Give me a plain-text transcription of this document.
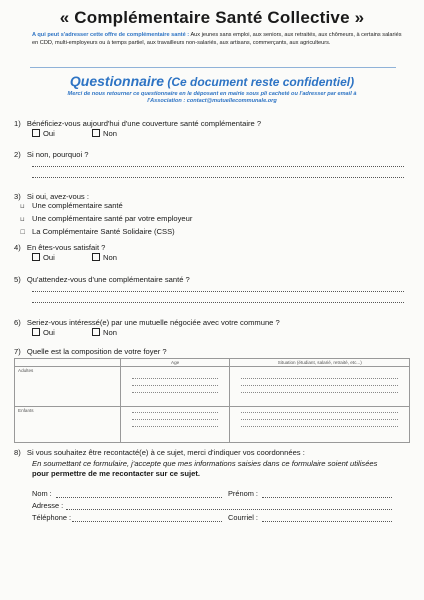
« Complémentaire Santé Collective »
A qui peut s'adresser cette offre de complémentaire santé : Aux jeunes sans emploi, aux seniors, aux retraités, aux chômeurs, à certains salariés en CDD, multi-employeurs ou à temps partiel, aux travailleurs non-salariés, aux artisans, commerçants, aux agriculteurs.
Questionnaire (Ce document reste confidentiel)
Merci de nous retourner ce questionnaire en le déposant en mairie sous pli cacheté ou l'adresser par email à
l'Association : contact@mutuellecommunale.org
1) Bénéficiez-vous aujourd'hui d'une couverture santé complémentaire ?
Oui	Non
2) Si non, pourquoi ?
3) Si oui, avez-vous :
⊔ Une complémentaire santé
⊔ Une complémentaire santé par votre employeur
☐ La Complémentaire Santé Solidaire (CSS)
4) En êtes-vous satisfait ?
Oui	Non
5) Qu'attendez-vous d'une complémentaire santé ?
6) Seriez-vous intéressé(e) par une mutuelle négociée avec votre commune ?
Oui	Non
7) Quelle est la composition de votre foyer ?
	Age	Situation (étudiant, salarié, retraité, etc...)
Adultes	

Enfants	

8) Si vous souhaitez être recontacté(e) à ce sujet, merci d'indiquer vos coordonnées :
En soumettant ce formulaire, j'accepte que mes informations saisies dans ce formulaire soient utilisées
pour permettre de me recontacter sur ce sujet.
Nom :	Prénom :
Adresse :
Téléphone :	Courriel :
